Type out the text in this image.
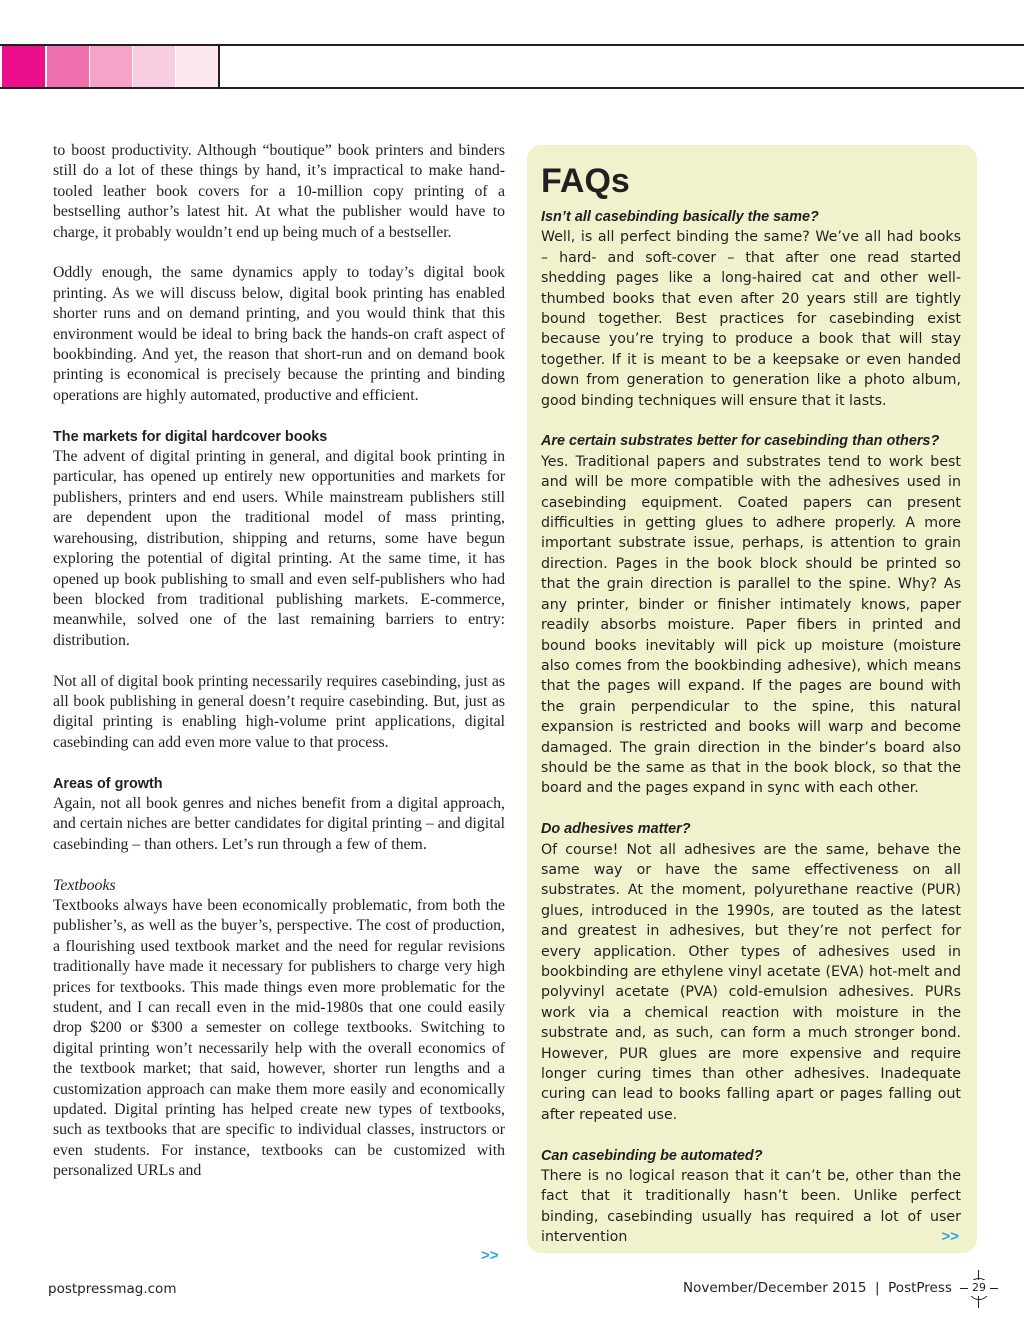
to boost productivity. Although “boutique” book printers and binders still do a lot of these things by hand, it’s impractical to make hand-tooled leather book covers for a 10-million copy printing of a bestselling author’s latest hit. At what the publisher would have to charge, it probably wouldn’t end up being much of a bestseller.

Oddly enough, the same dynamics apply to today’s digital book printing. As we will discuss below, digital book printing has enabled shorter runs and on demand printing, and you would think that this environment would be ideal to bring back the hands-on craft aspect of bookbinding. And yet, the reason that short-run and on demand book printing is economical is precisely because the printing and binding operations are highly automated, productive and efficient.

The markets for digital hardcover books

The advent of digital printing in general, and digital book printing in particular, has opened up entirely new opportunities and markets for publishers, printers and end users. While mainstream publishers still are dependent upon the traditional model of mass printing, warehousing, distribution, shipping and returns, some have begun exploring the potential of digital printing. At the same time, it has opened up book publishing to small and even self-publishers who had been blocked from traditional publishing markets. E-commerce, meanwhile, solved one of the last remaining barriers to entry: distribution.

Not all of digital book printing necessarily requires casebinding, just as all book publishing in general doesn’t require casebinding. But, just as digital printing is enabling high-volume print applications, digital casebinding can add even more value to that process.

Areas of growth

Again, not all book genres and niches benefit from a digital approach, and certain niches are better candidates for digital printing – and digital casebinding – than others. Let’s run through a few of them.

Textbooks

Textbooks always have been economically problematic, from both the publisher’s, as well as the buyer’s, perspective. The cost of production, a flourishing used textbook market and the need for regular revisions traditionally have made it necessary for publishers to charge very high prices for textbooks. This made things even more problematic for the student, and I can recall even in the mid-1980s that one could easily drop $200 or $300 a semester on college textbooks. Switching to digital printing won’t necessarily help with the overall economics of the textbook market; that said, however, shorter run lengths and a customization approach can make them more easily and economically updated. Digital printing has helped create new types of textbooks, such as textbooks that are specific to individual classes, instructors or even students. For instance, textbooks can be customized with personalized URLs and

>>
FAQs
Isn’t all casebinding basically the same?

Well, is all perfect binding the same? We’ve all had books – hard- and soft-cover – that after one read started shedding pages like a long-haired cat and other well-thumbed books that even after 20 years still are tightly bound together. Best practices for casebinding exist because you’re trying to produce a book that will stay together. If it is meant to be a keepsake or even handed down from generation to generation like a photo album, good binding techniques will ensure that it lasts.

Are certain substrates better for casebinding than others?

Yes. Traditional papers and substrates tend to work best and will be more compatible with the adhesives used in casebinding equipment. Coated papers can present difficulties in getting glues to adhere properly. A more important substrate issue, perhaps, is attention to grain direction. Pages in the book block should be printed so that the grain direction is parallel to the spine. Why? As any printer, binder or finisher intimately knows, paper readily absorbs moisture. Paper fibers in printed and bound books inevitably will pick up moisture (moisture also comes from the bookbinding adhesive), which means that the pages will expand. If the pages are bound with the grain perpendicular to the spine, this natural expansion is restricted and books will warp and become damaged. The grain direction in the binder’s board also should be the same as that in the book block, so that the board and the pages expand in sync with each other.

Do adhesives matter?

Of course! Not all adhesives are the same, behave the same way or have the same effectiveness on all substrates. At the moment, polyurethane reactive (PUR) glues, introduced in the 1990s, are touted as the latest and greatest in adhesives, but they’re not perfect for every application. Other types of adhesives used in bookbinding are ethylene vinyl acetate (EVA) hot-melt and polyvinyl acetate (PVA) cold-emulsion adhesives. PURs work via a chemical reaction with moisture in the substrate and, as such, can form a much stronger bond. However, PUR glues are more expensive and require longer curing times than other adhesives. Inadequate curing can lead to books falling apart or pages falling out after repeated use.

Can casebinding be automated?

There is no logical reason that it can’t be, other than the fact that it traditionally hasn’t been. Unlike perfect binding, casebinding usually has required a lot of user intervention	>>
postpressmag.com	November/December 2015  |  PostPress	29
